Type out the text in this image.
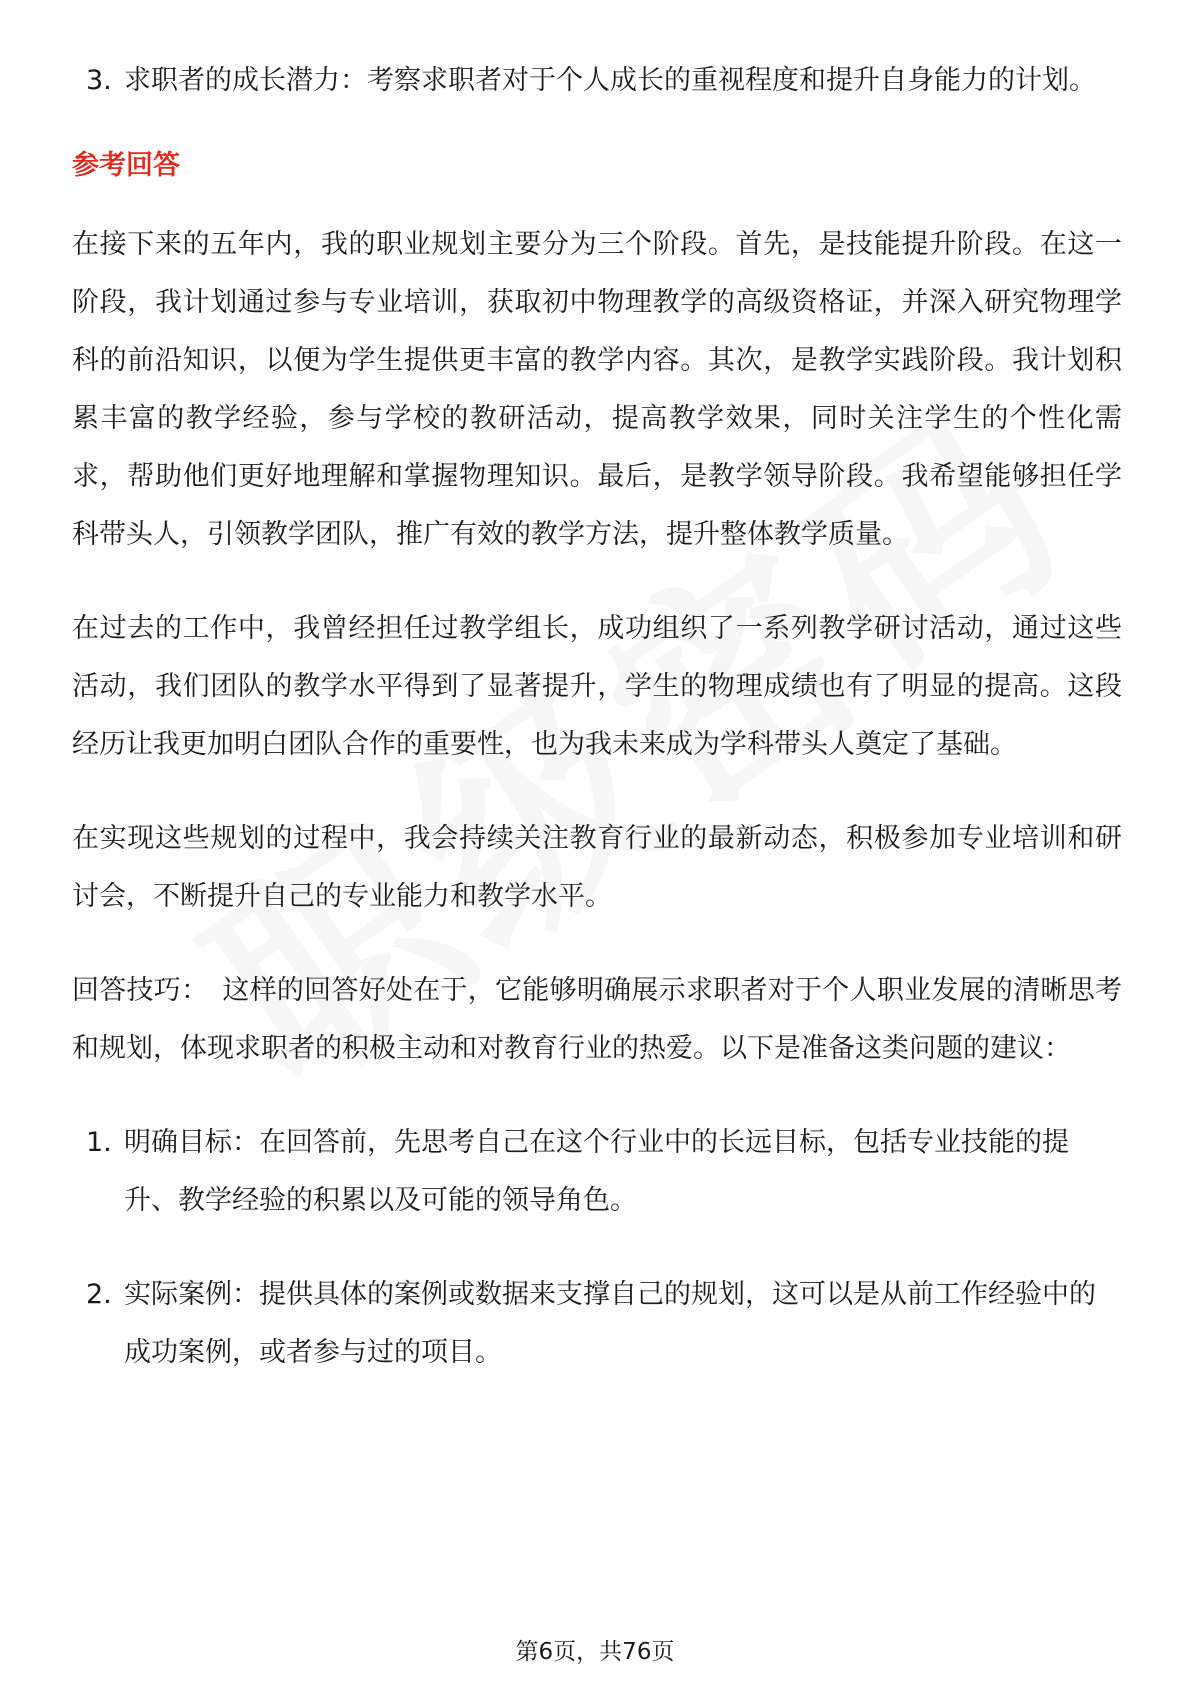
3. 求职者的成长潜力：考察求职者对于个人成长的重视程度和提升自身能力的计划。
参考回答

在接下来的五年内，我的职业规划主要分为三个阶段。首先，是技能提升阶段。在这一阶段，我计划通过参与专业培训，获取初中物理教学的高级资格证，并深入研究物理学科的前沿知识，以便为学生提供更丰富的教学内容。其次，是教学实践阶段。我计划积累丰富的教学经验，参与学校的教研活动，提高教学效果，同时关注学生的个性化需求，帮助他们更好地理解和掌握物理知识。最后，是教学领导阶段。我希望能够担任学科带头人，引领教学团队，推广有效的教学方法，提升整体教学质量。

在过去的工作中，我曾经担任过教学组长，成功组织了一系列教学研讨活动，通过这些活动，我们团队的教学水平得到了显著提升，学生的物理成绩也有了明显的提高。这段经历让我更加明白团队合作的重要性，也为我未来成为学科带头人奠定了基础。

在实现这些规划的过程中，我会持续关注教育行业的最新动态，积极参加专业培训和研讨会，不断提升自己的专业能力和教学水平。

回答技巧： 这样的回答好处在于，它能够明确展示求职者对于个人职业发展的清晰思考和规划，体现求职者的积极主动和对教育行业的热爱。以下是准备这类问题的建议：

1. 明确目标：在回答前，先思考自己在这个行业中的长远目标，包括专业技能的提升、教学经验的积累以及可能的领导角色。
2. 实际案例：提供具体的案例或数据来支撑自己的规划，这可以是从前工作经验中的成功案例，或者参与过的项目。
第6页，共76页
